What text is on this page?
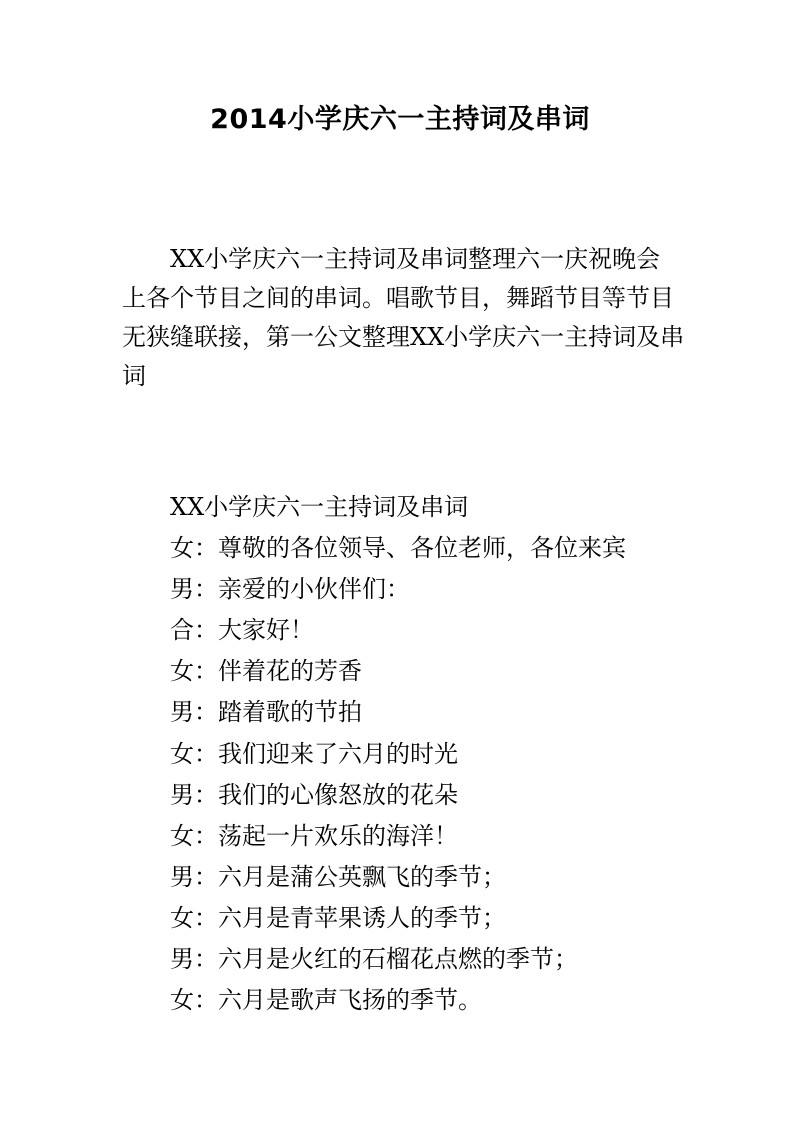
2014小学庆六一主持词及串词
XX小学庆六一主持词及串词整理六一庆祝晚会
上各个节目之间的串词。唱歌节目，舞蹈节目等节目
无狭缝联接，第一公文整理XX小学庆六一主持词及串
词
XX小学庆六一主持词及串词
女：尊敬的各位领导、各位老师，各位来宾
男：亲爱的小伙伴们：
合：大家好！
女：伴着花的芳香
男：踏着歌的节拍
女：我们迎来了六月的时光
男：我们的心像怒放的花朵
女：荡起一片欢乐的海洋！
男：六月是蒲公英飘飞的季节；
女：六月是青苹果诱人的季节；
男：六月是火红的石榴花点燃的季节；
女：六月是歌声飞扬的季节。
